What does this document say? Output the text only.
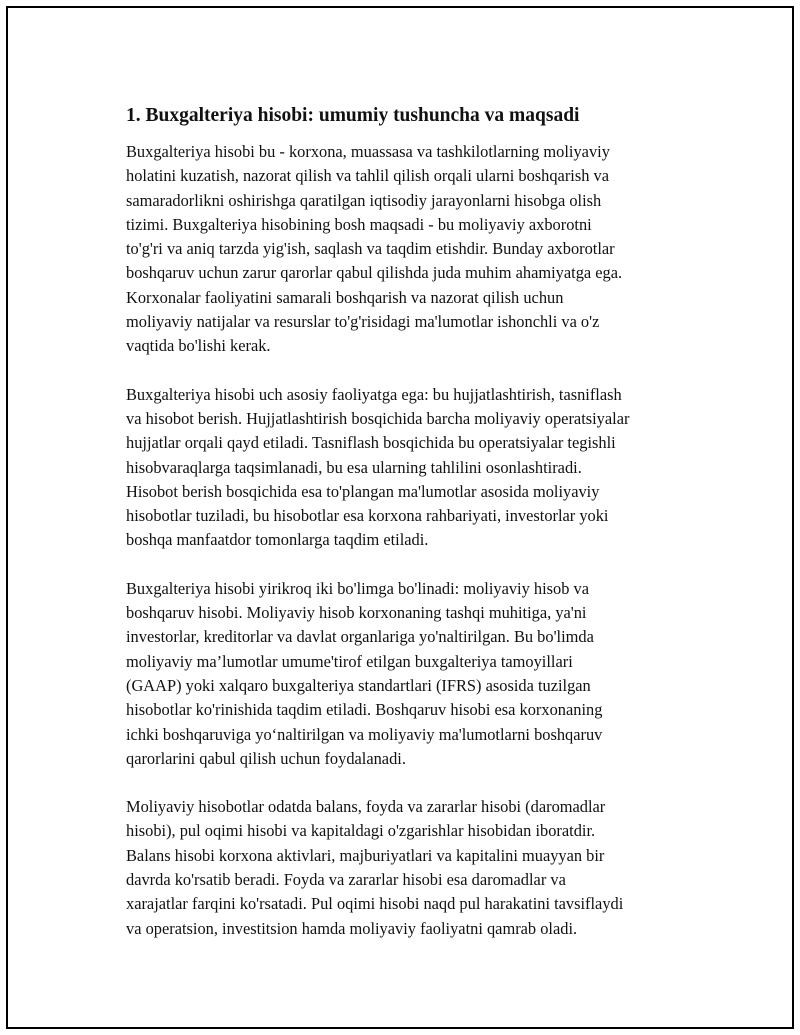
1. Buxgalteriya hisobi: umumiy tushuncha va maqsadi

Buxgalteriya hisobi bu - korxona, muassasa va tashkilotlarning moliyaviy
holatini kuzatish, nazorat qilish va tahlil qilish orqali ularni boshqarish va
samaradorlikni oshirishga qaratilgan iqtisodiy jarayonlarni hisobga olish
tizimi. Buxgalteriya hisobining bosh maqsadi - bu moliyaviy axborotni
to'g'ri va aniq tarzda yig'ish, saqlash va taqdim etishdir. Bunday axborotlar
boshqaruv uchun zarur qarorlar qabul qilishda juda muhim ahamiyatga ega.
Korxonalar faoliyatini samarali boshqarish va nazorat qilish uchun
moliyaviy natijalar va resurslar to'g'risidagi ma'lumotlar ishonchli va o'z
vaqtida bo'lishi kerak.

Buxgalteriya hisobi uch asosiy faoliyatga ega: bu hujjatlashtirish, tasniflash
va hisobot berish. Hujjatlashtirish bosqichida barcha moliyaviy operatsiyalar
hujjatlar orqali qayd etiladi. Tasniflash bosqichida bu operatsiyalar tegishli
hisobvaraqlarga taqsimlanadi, bu esa ularning tahlilini osonlashtiradi.
Hisobot berish bosqichida esa to'plangan ma'lumotlar asosida moliyaviy
hisobotlar tuziladi, bu hisobotlar esa korxona rahbariyati, investorlar yoki
boshqa manfaatdor tomonlarga taqdim etiladi.

Buxgalteriya hisobi yirikroq iki bo'limga bo'linadi: moliyaviy hisob va
boshqaruv hisobi. Moliyaviy hisob korxonaning tashqi muhitiga, ya'ni
investorlar, kreditorlar va davlat organlariga yo'naltirilgan. Bu bo'limda
moliyaviy ma’lumotlar umume'tirof etilgan buxgalteriya tamoyillari
(GAAP) yoki xalqaro buxgalteriya standartlari (IFRS) asosida tuzilgan
hisobotlar ko'rinishida taqdim etiladi. Boshqaruv hisobi esa korxonaning
ichki boshqaruviga yo‘naltirilgan va moliyaviy ma'lumotlarni boshqaruv
qarorlarini qabul qilish uchun foydalanadi.

Moliyaviy hisobotlar odatda balans, foyda va zararlar hisobi (daromadlar
hisobi), pul oqimi hisobi va kapitaldagi o'zgarishlar hisobidan iboratdir.
Balans hisobi korxona aktivlari, majburiyatlari va kapitalini muayyan bir
davrda ko'rsatib beradi. Foyda va zararlar hisobi esa daromadlar va
xarajatlar farqini ko'rsatadi. Pul oqimi hisobi naqd pul harakatini tavsiflaydi
va operatsion, investitsion hamda moliyaviy faoliyatni qamrab oladi.
